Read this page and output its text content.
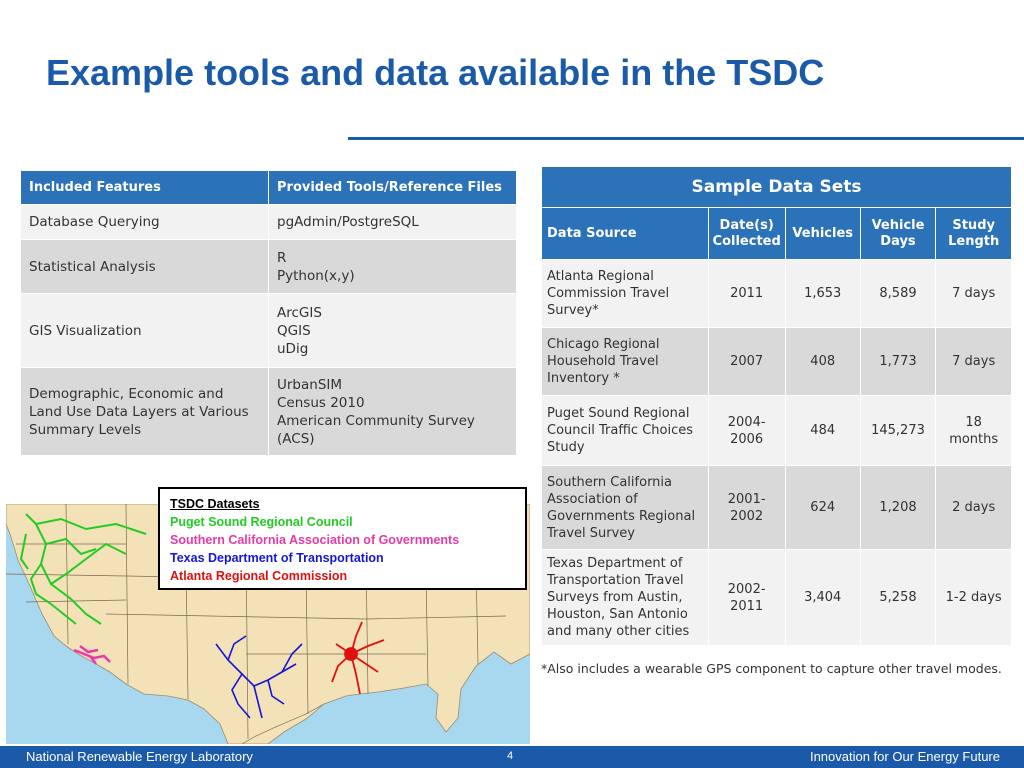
Example tools and data available in the TSDC
Included Features	Provided Tools/Reference Files
Database Querying	pgAdmin/PostgreSQL

Statistical Analysis	R
Python(x,y)

GIS Visualization	ArcGIS
QGIS
uDig

Demographic, Economic and Land Use Data Layers at Various Summary Levels	UrbanSIM
Census 2010
American Community Survey (ACS)
Sample Data Sets				
Data Source	Date(s) Collected	Vehicles	Vehicle Days	Study Length
Atlanta Regional Commission Travel Survey*	2011	1,653	8,589	7 days
Chicago Regional Household Travel Inventory *	2007	408	1,773	7 days
Puget Sound Regional Council Traffic Choices Study	2004-2006	484	145,273	18 months
Southern California Association of Governments Regional Travel Survey	2001-2002	624	1,208	2 days
Texas Department of Transportation Travel Surveys from Austin, Houston, San Antonio and many other cities	2002-2011	3,404	5,258	1-2 days
*Also includes a wearable GPS component to capture other travel modes.
TSDC Datasets
Puget Sound Regional Council
Southern California Association of Governments
Texas Department of Transportation
Atlanta Regional Commission
National Renewable Energy Laboratory	4	Innovation for Our Energy Future
